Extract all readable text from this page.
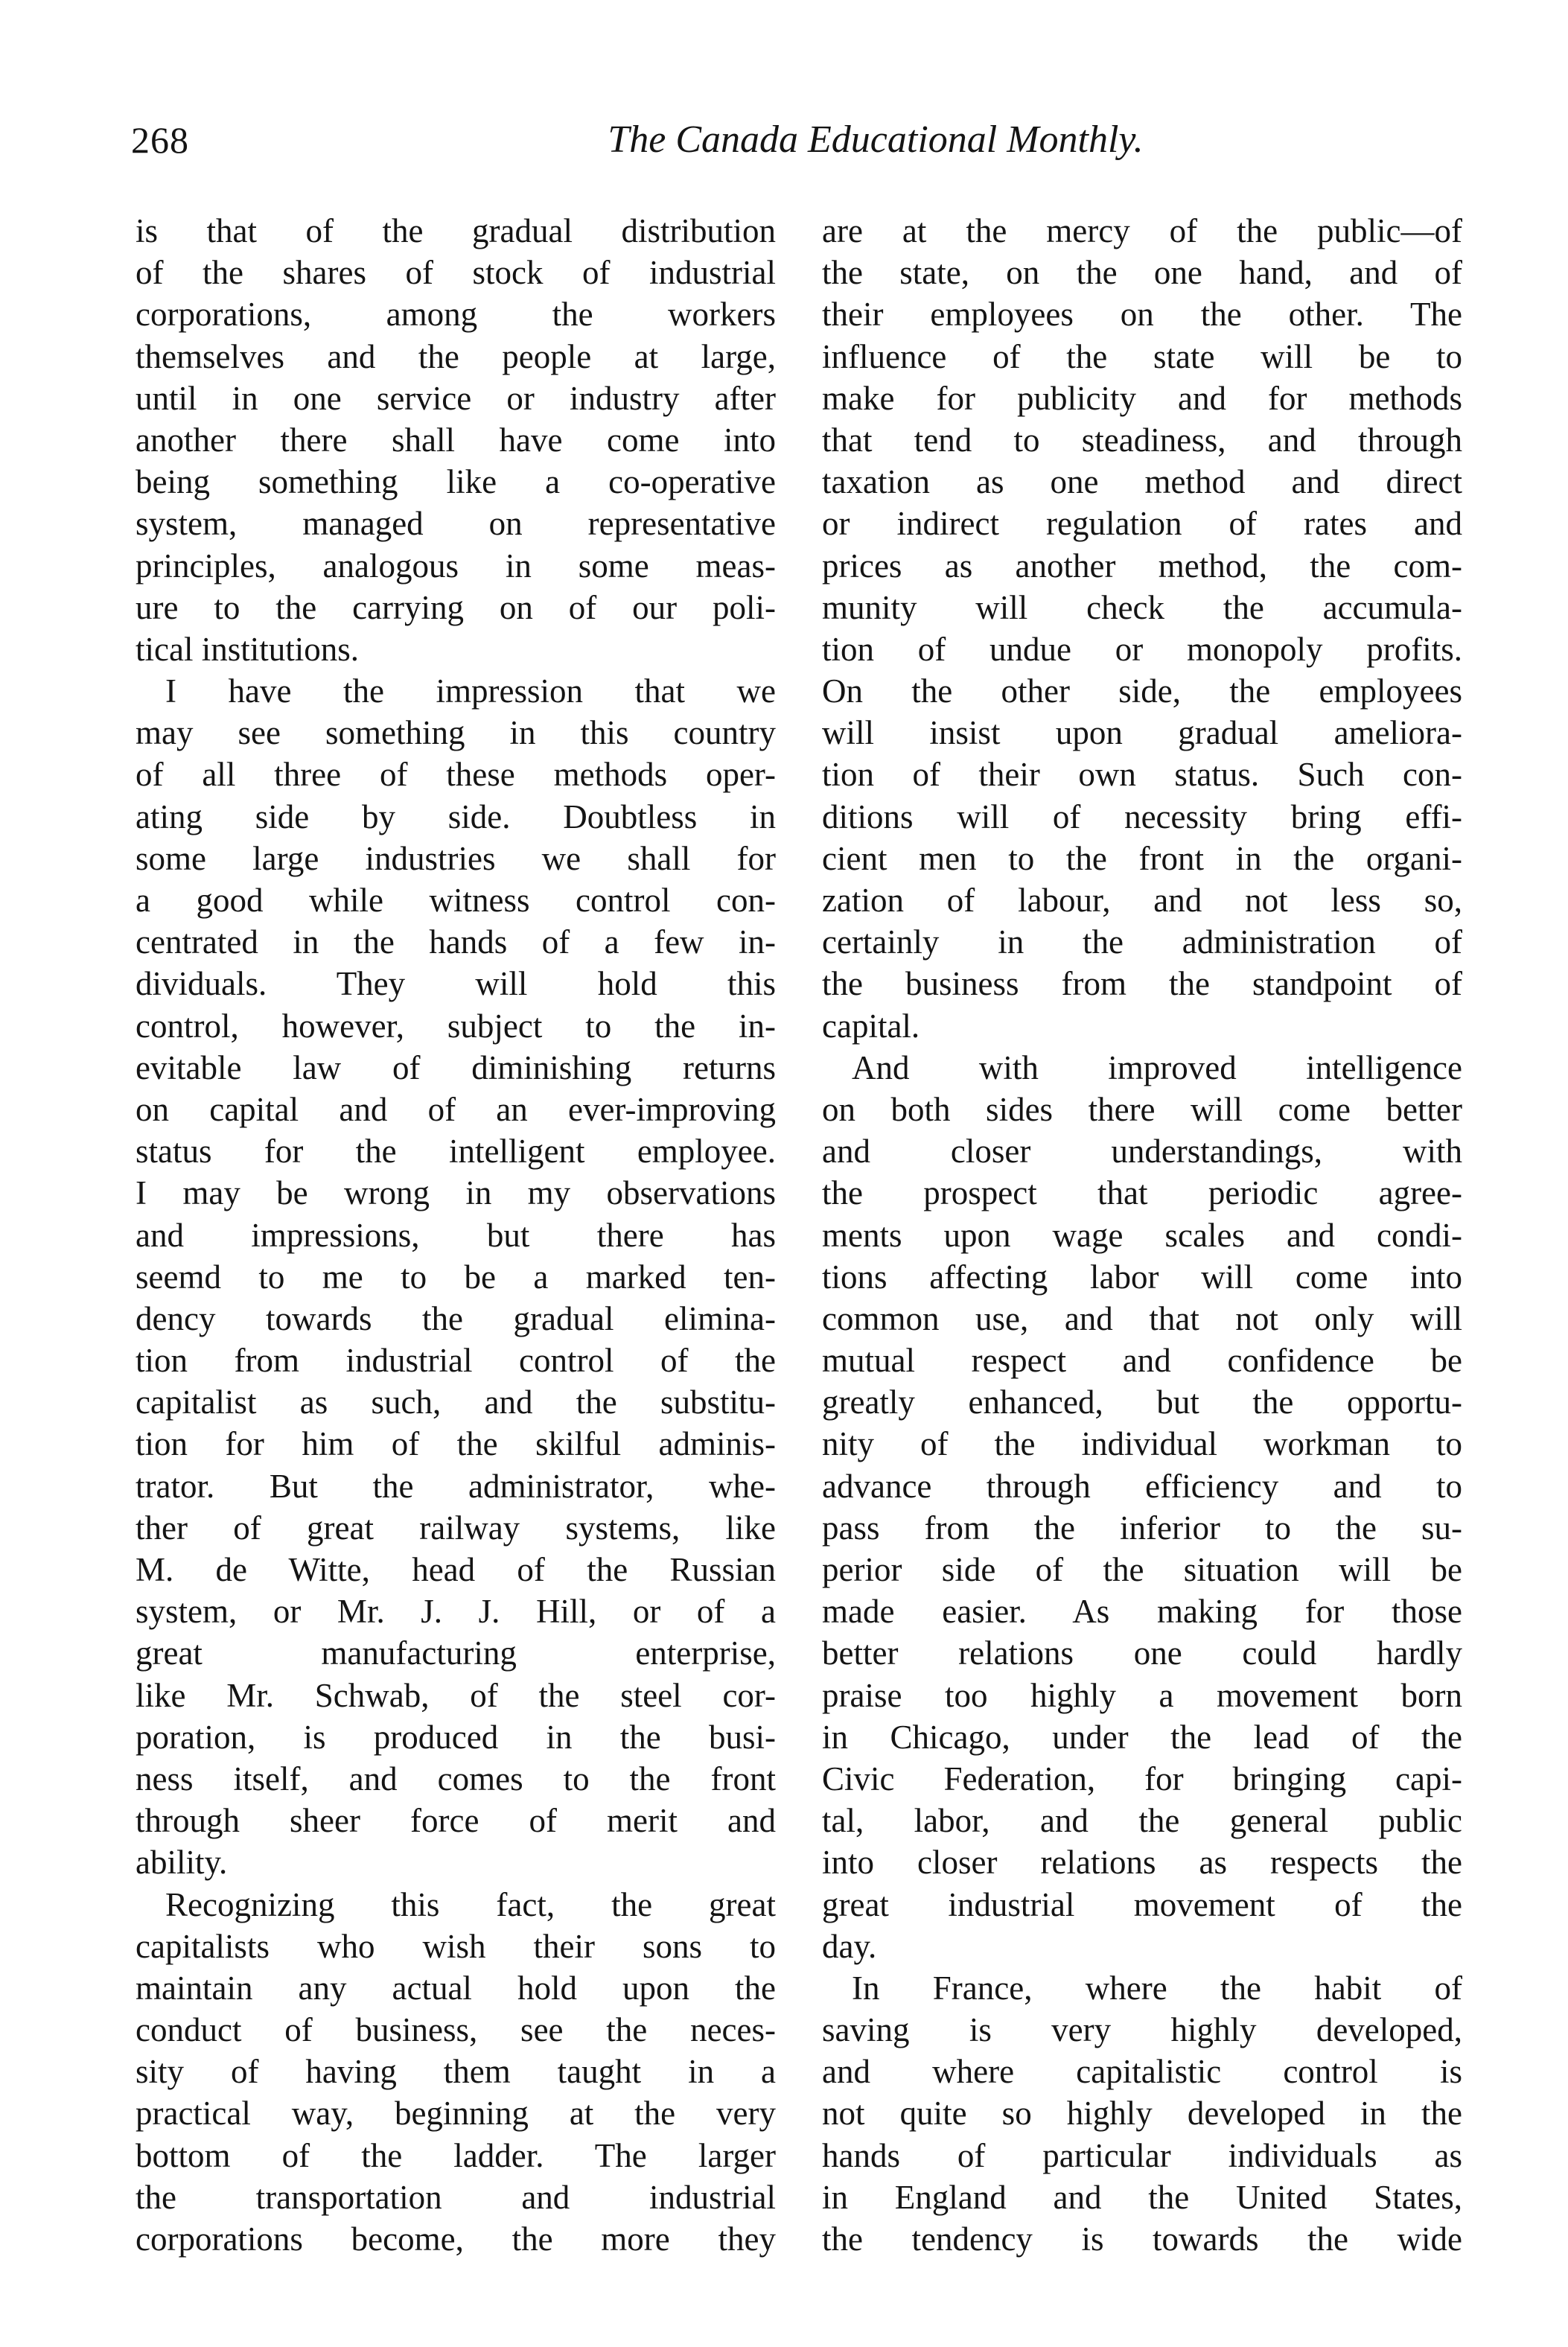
268	The Canada Educational Monthly.
is that of the gradual distribution
of the shares of stock of industrial
corporations, among the workers
themselves and the people at large,
until in one service or industry after
another there shall have come into
being something like a co-operative
system, managed on representative
principles, analogous in some meas-
ure to the carrying on of our poli-
tical institutions.
I have the impression that we
may see something in this country
of all three of these methods oper-
ating side by side. Doubtless in
some large industries we shall for
a good while witness control con-
centrated in the hands of a few in-
dividuals. They will hold this
control, however, subject to the in-
evitable law of diminishing returns
on capital and of an ever-improving
status for the intelligent employee.
I may be wrong in my observations
and impressions, but there has
seemd to me to be a marked ten-
dency towards the gradual elimina-
tion from industrial control of the
capitalist as such, and the substitu-
tion for him of the skilful adminis-
trator. But the administrator, whe-
ther of great railway systems, like
M. de Witte, head of the Russian
system, or Mr. J. J. Hill, or of a
great manufacturing enterprise,
like Mr. Schwab, of the steel cor-
poration, is produced in the busi-
ness itself, and comes to the front
through sheer force of merit and
ability.
Recognizing this fact, the great
capitalists who wish their sons to
maintain any actual hold upon the
conduct of business, see the neces-
sity of having them taught in a
practical way, beginning at the very
bottom of the ladder. The larger
the transportation and industrial
corporations become, the more they
are at the mercy of the public—of
the state, on the one hand, and of
their employees on the other. The
influence of the state will be to
make for publicity and for methods
that tend to steadiness, and through
taxation as one method and direct
or indirect regulation of rates and
prices as another method, the com-
munity will check the accumula-
tion of undue or monopoly profits.
On the other side, the employees
will insist upon gradual ameliora-
tion of their own status. Such con-
ditions will of necessity bring effi-
cient men to the front in the organi-
zation of labour, and not less so,
certainly in the administration of
the business from the standpoint of
capital.
And with improved intelligence
on both sides there will come better
and closer understandings, with
the prospect that periodic agree-
ments upon wage scales and condi-
tions affecting labor will come into
common use, and that not only will
mutual respect and confidence be
greatly enhanced, but the opportu-
nity of the individual workman to
advance through efficiency and to
pass from the inferior to the su-
perior side of the situation will be
made easier. As making for those
better relations one could hardly
praise too highly a movement born
in Chicago, under the lead of the
Civic Federation, for bringing capi-
tal, labor, and the general public
into closer relations as respects the
great industrial movement of the
day.
In France, where the habit of
saving is very highly developed,
and where capitalistic control is
not quite so highly developed in the
hands of particular individuals as
in England and the United States,
the tendency is towards the wide
